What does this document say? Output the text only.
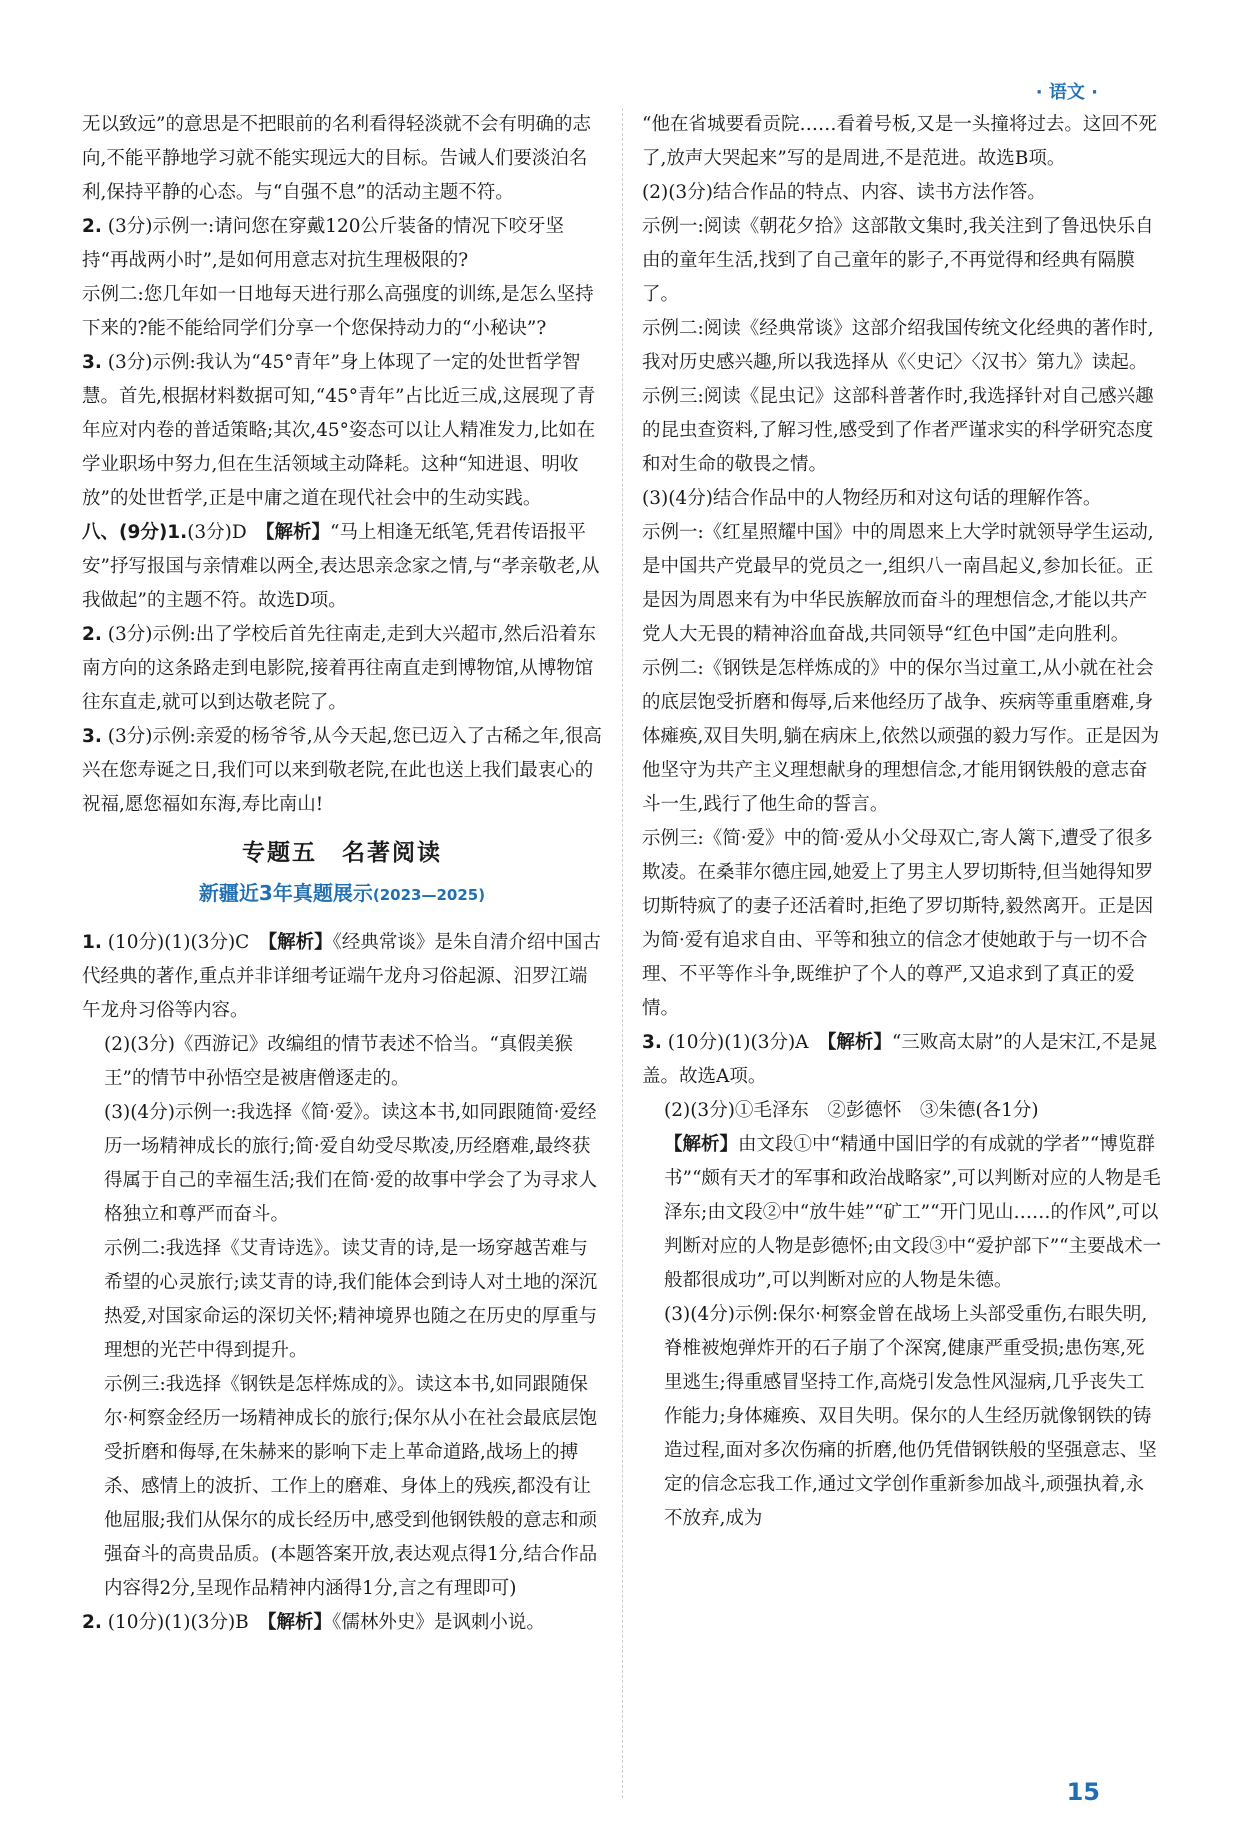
· 语文 ·

无以致远”的意思是不把眼前的名利看得轻淡就不会有明确的志向,不能平静地学习就不能实现远大的目标。告诫人们要淡泊名利,保持平静的心态。与“自强不息”的活动主题不符。

2. (3分)示例一:请问您在穿戴120公斤装备的情况下咬牙坚持“再战两小时”,是如何用意志对抗生理极限的?

示例二:您几年如一日地每天进行那么高强度的训练,是怎么坚持下来的?能不能给同学们分享一个您保持动力的“小秘诀”?

3. (3分)示例:我认为“45°青年”身上体现了一定的处世哲学智慧。首先,根据材料数据可知,“45°青年”占比近三成,这展现了青年应对内卷的普适策略;其次,45°姿态可以让人精准发力,比如在学业职场中努力,但在生活领域主动降耗。这种“知进退、明收放”的处世哲学,正是中庸之道在现代社会中的生动实践。

八、(9分)1.(3分)D　 【解析】“马上相逢无纸笔,凭君传语报平安”抒写报国与亲情难以两全,表达思亲念家之情,与“孝亲敬老,从我做起”的主题不符。故选D项。

2. (3分)示例:出了学校后首先往南走,走到大兴超市,然后沿着东南方向的这条路走到电影院,接着再往南直走到博物馆,从博物馆往东直走,就可以到达敬老院了。

3. (3分)示例:亲爱的杨爷爷,从今天起,您已迈入了古稀之年,很高兴在您寿诞之日,我们可以来到敬老院,在此也送上我们最衷心的祝福,愿您福如东海,寿比南山!

专题五　名著阅读
新疆近3年真题展示(2023—2025)

1. (10分)(1)(3分)C　 【解析】《经典常谈》是朱自清介绍中国古代经典的著作,重点并非详细考证端午龙舟习俗起源、汨罗江端午龙舟习俗等内容。

(2)(3分)《西游记》改编组的情节表述不恰当。“真假美猴王”的情节中孙悟空是被唐僧逐走的。

(3)(4分)示例一:我选择《简·爱》。读这本书,如同跟随简·爱经历一场精神成长的旅行;简·爱自幼受尽欺凌,历经磨难,最终获得属于自己的幸福生活;我们在简·爱的故事中学会了为寻求人格独立和尊严而奋斗。

示例二:我选择《艾青诗选》。读艾青的诗,是一场穿越苦难与希望的心灵旅行;读艾青的诗,我们能体会到诗人对土地的深沉热爱,对国家命运的深切关怀;精神境界也随之在历史的厚重与理想的光芒中得到提升。

示例三:我选择《钢铁是怎样炼成的》。读这本书,如同跟随保尔·柯察金经历一场精神成长的旅行;保尔从小在社会最底层饱受折磨和侮辱,在朱赫来的影响下走上革命道路,战场上的搏杀、感情上的波折、工作上的磨难、身体上的残疾,都没有让他屈服;我们从保尔的成长经历中,感受到他钢铁般的意志和顽强奋斗的高贵品质。(本题答案开放,表达观点得1分,结合作品内容得2分,呈现作品精神内涵得1分,言之有理即可)

2. (10分)(1)(3分)B　 【解析】《儒林外史》是讽刺小说。

“他在省城要看贡院……看着号板,又是一头撞将过去。这回不死了,放声大哭起来”写的是周进,不是范进。故选B项。

(2)(3分)结合作品的特点、内容、读书方法作答。

示例一:阅读《朝花夕拾》这部散文集时,我关注到了鲁迅快乐自由的童年生活,找到了自己童年的影子,不再觉得和经典有隔膜了。

示例二:阅读《经典常谈》这部介绍我国传统文化经典的著作时,我对历史感兴趣,所以我选择从《〈史记〉〈汉书〉第九》读起。

示例三:阅读《昆虫记》这部科普著作时,我选择针对自己感兴趣的昆虫查资料,了解习性,感受到了作者严谨求实的科学研究态度和对生命的敬畏之情。

(3)(4分)结合作品中的人物经历和对这句话的理解作答。

示例一:《红星照耀中国》中的周恩来上大学时就领导学生运动,是中国共产党最早的党员之一,组织八一南昌起义,参加长征。正是因为周恩来有为中华民族解放而奋斗的理想信念,才能以共产党人大无畏的精神浴血奋战,共同领导“红色中国”走向胜利。

示例二:《钢铁是怎样炼成的》中的保尔当过童工,从小就在社会的底层饱受折磨和侮辱,后来他经历了战争、疾病等重重磨难,身体瘫痪,双目失明,躺在病床上,依然以顽强的毅力写作。正是因为他坚守为共产主义理想献身的理想信念,才能用钢铁般的意志奋斗一生,践行了他生命的誓言。

示例三:《简·爱》中的简·爱从小父母双亡,寄人篱下,遭受了很多欺凌。在桑菲尔德庄园,她爱上了男主人罗切斯特,但当她得知罗切斯特疯了的妻子还活着时,拒绝了罗切斯特,毅然离开。正是因为简·爱有追求自由、平等和独立的信念才使她敢于与一切不合理、不平等作斗争,既维护了个人的尊严,又追求到了真正的爱情。

3. (10分)(1)(3分)A　 【解析】“三败高太尉”的人是宋江,不是晁盖。故选A项。

(2)(3分)①毛泽东　②彭德怀　③朱德(各1分)

【解析】由文段①中“精通中国旧学的有成就的学者”“博览群书”“颇有天才的军事和政治战略家”,可以判断对应的人物是毛泽东;由文段②中“放牛娃”“矿工”“开门见山……的作风”,可以判断对应的人物是彭德怀;由文段③中“爱护部下”“主要战术一般都很成功”,可以判断对应的人物是朱德。

(3)(4分)示例:保尔·柯察金曾在战场上头部受重伤,右眼失明,脊椎被炮弹炸开的石子崩了个深窝,健康严重受损;患伤寒,死里逃生;得重感冒坚持工作,高烧引发急性风湿病,几乎丧失工作能力;身体瘫痪、双目失明。保尔的人生经历就像钢铁的铸造过程,面对多次伤痛的折磨,他仍凭借钢铁般的坚强意志、坚定的信念忘我工作,通过文学创作重新参加战斗,顽强执着,永不放弃,成为

15
